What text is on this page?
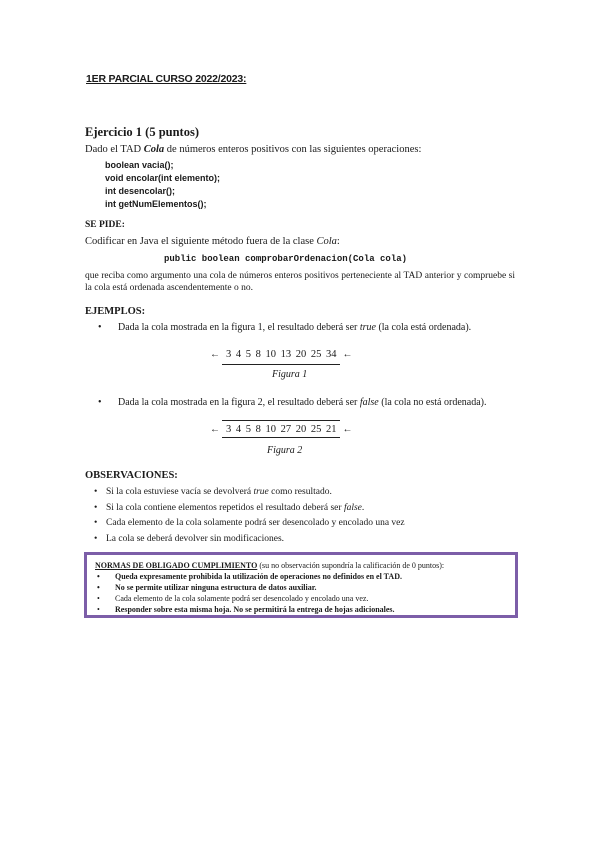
1ER PARCIAL CURSO 2022/2023:
Ejercicio 1 (5 puntos)
Dado el TAD Cola de números enteros positivos con las siguientes operaciones:
boolean vacia();
void encolar(int elemento);
int desencolar();
int getNumElementos();
SE PIDE:
Codificar en Java el siguiente método fuera de la clase Cola:
public boolean comprobarOrdenacion(Cola cola)
que reciba como argumento una cola de números enteros positivos perteneciente al TAD anterior y compruebe si la cola está ordenada ascendentemente o no.
EJEMPLOS:
• Dada la cola mostrada en la figura 1, el resultado deberá ser true (la cola está ordenada).
← 3 4 5 8 10 13 20 25 34 ←
Figura 1
• Dada la cola mostrada en la figura 2, el resultado deberá ser false (la cola no está ordenada).
← 3 4 5 8 10 27 20 25 21 ←
Figura 2
OBSERVACIONES:
• Si la cola estuviese vacía se devolverá true como resultado.
• Si la cola contiene elementos repetidos el resultado deberá ser false.
• Cada elemento de la cola solamente podrá ser desencolado y encolado una vez
• La cola se deberá devolver sin modificaciones.
NORMAS DE OBLIGADO CUMPLIMIENTO (su no observación supondría la calificación de 0 puntos):
• Queda expresamente prohibida la utilización de operaciones no definidos en el TAD.
• No se permite utilizar ninguna estructura de datos auxiliar.
• Cada elemento de la cola solamente podrá ser desencolado y encolado una vez.
• Responder sobre esta misma hoja. No se permitirá la entrega de hojas adicionales.
